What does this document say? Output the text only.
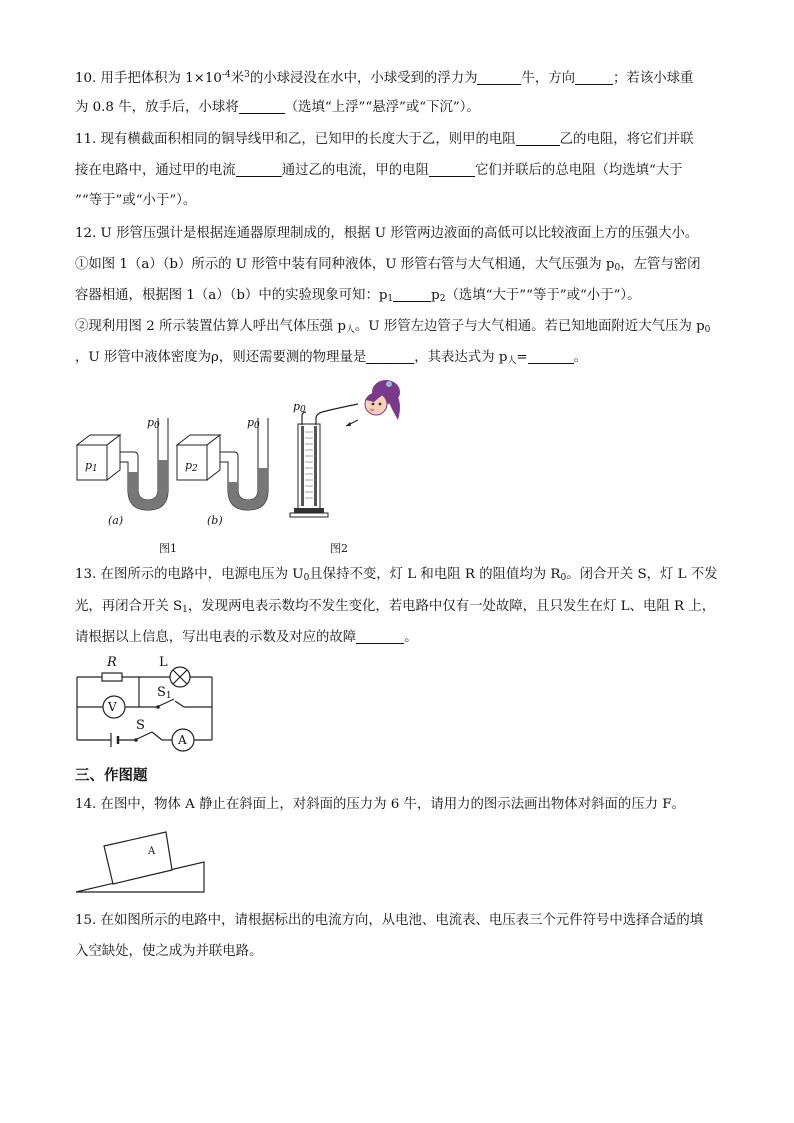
10. 用手把体积为 $1\times 10^{-4}$米$^3$的小球浸没在水中，小球受到的浮力为	牛，方向	；若该小球重
为 0.8 牛，放手后，小球将	（选填“上浮”“悬浮”或“下沉”）。
11. 现有横截面积相同的铜导线甲和乙，已知甲的长度大于乙，则甲的电阻	乙的电阻，将它们并联
接在电路中，通过甲的电流	通过乙的电流，甲的电阻	它们并联后的总电阻（均选填“大于
”“等于”或“小于”）。
12. U 形管压强计是根据连通器原理制成的，根据 U 形管两边液面的高低可以比较液面上方的压强大小。
①如图 1（a）（b）所示的 U 形管中装有同种液体，U 形管右管与大气相通，大气压强为 $p_0$，左管与密闭
容器相通，根据图 1（a）（b）中的实验现象可知：$p_1$	$p_2$（选填“大于”“等于”或“小于”）。
②现利用图 2 所示装置估算人呼出气体压强 $p_人$。U 形管左边管子与大气相通。若已知地面附近大气压为 $p_0$
，U 形管中液体密度为ρ，则还需要测的物理量是	，其表达式为 $p_人=$	。
$p_1$
$p_0$
(a)
$p_2$
$p_0$
(b)
图1
$p_0$
图2
13. 在图所示的电路中，电源电压为 $U_0$且保持不变，灯 L 和电阻 R 的阻值均为 $R_0$。闭合开关 S，灯 L 不发
光，再闭合开关 $S_1$，发现两电表示数均不发生变化，若电路中仅有一处故障，且只发生在灯 L、电阻 R 上，
请根据以上信息，写出电表的示数及对应的故障	。
R	L
V
$S_1$
S
A
三、作图题
14. 在图中，物体 A 静止在斜面上，对斜面的压力为 6 牛，请用力的图示法画出物体对斜面的压力 F。
A
15. 在如图所示的电路中，请根据标出的电流方向，从电池、电流表、电压表三个元件符号中选择合适的填
入空缺处，使之成为并联电路。
